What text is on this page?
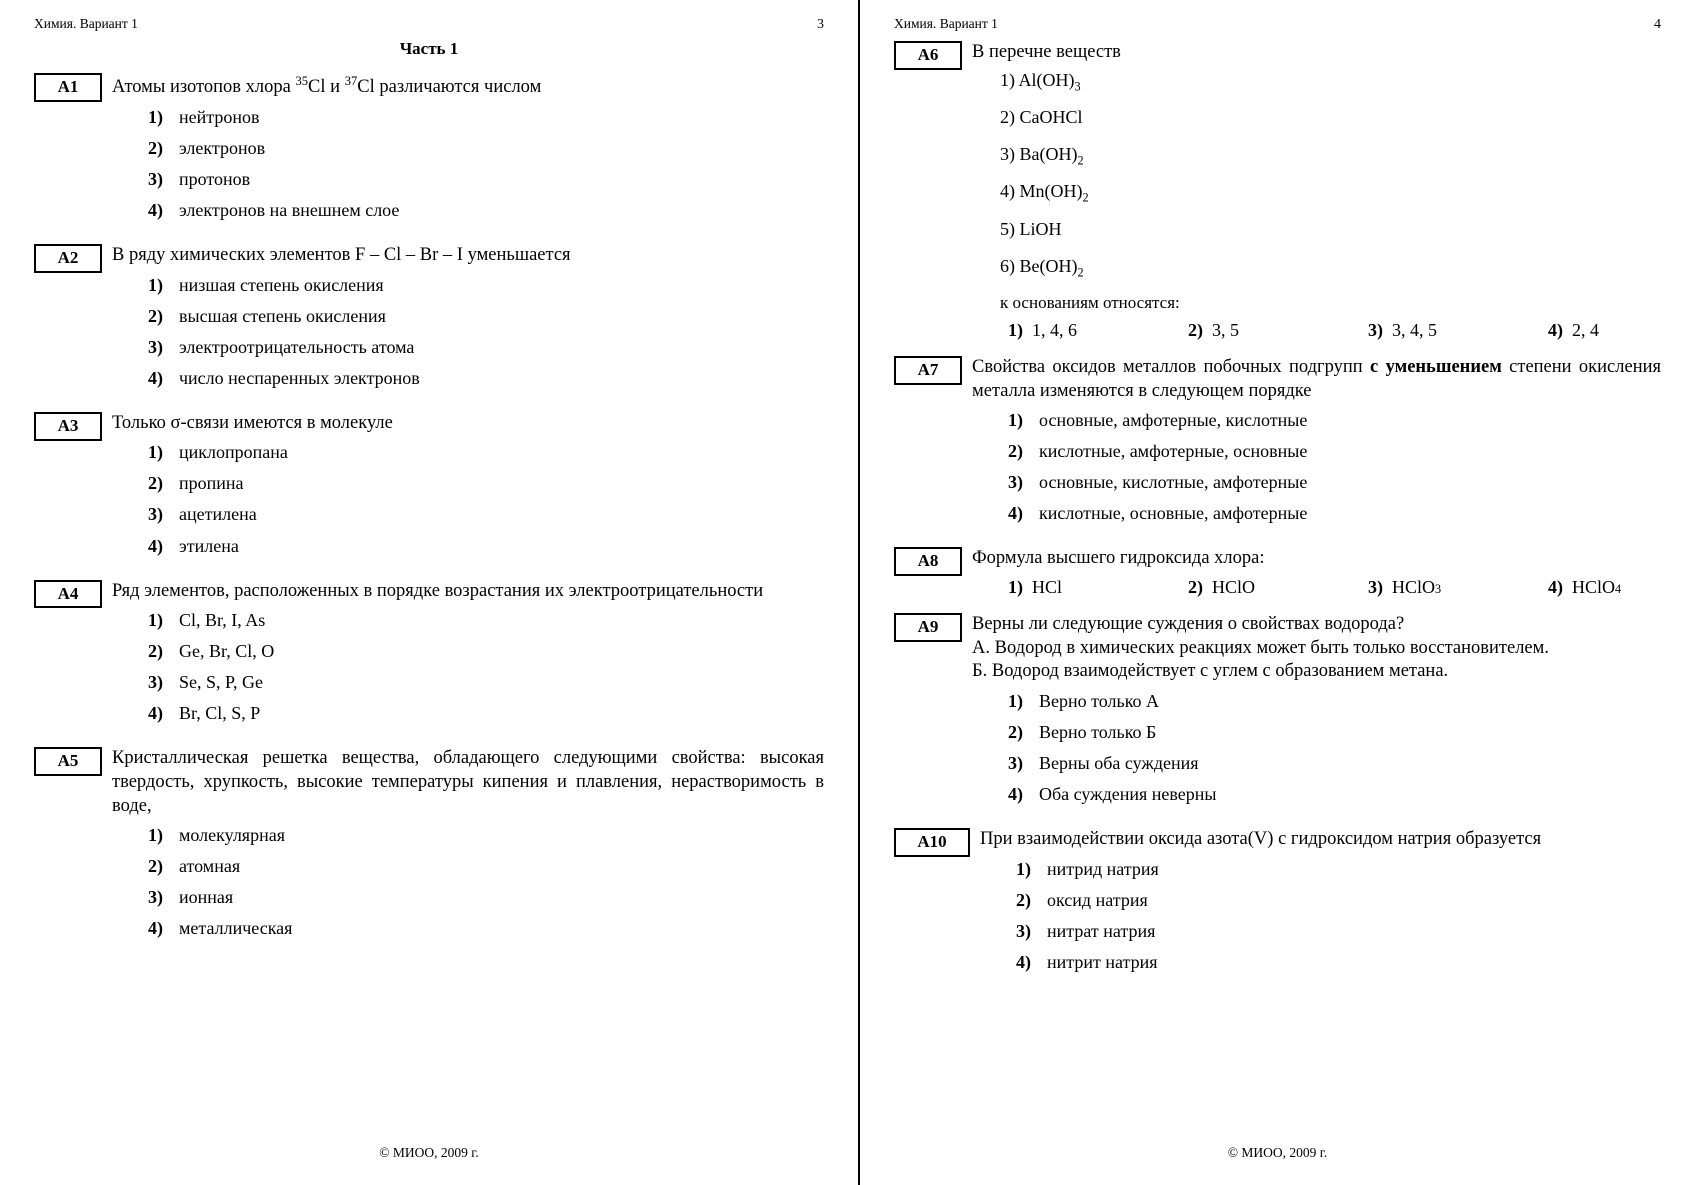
Химия. Вариант 1	3
Часть 1
A1	Атомы изотопов хлора $^{35}$Cl и $^{37}$Cl различаются числом
1) нейтронов
2) электронов
3) протонов
4) электронов на внешнем слое
A2	В ряду химических элементов F – Cl – Br – I уменьшается
1) низшая степень окисления
2) высшая степень окисления
3) электроотрицательность атома
4) число неспаренных электронов
A3	Только σ-связи имеются в молекуле
1) циклопропана
2) пропина
3) ацетилена
4) этилена
A4	Ряд элементов, расположенных в порядке возрастания их электроотрицательности
1) Cl, Br, I, As
2) Ge, Br, Cl, O
3) Se, S, P, Ge
4) Br, Cl, S, P
A5	Кристаллическая решетка вещества, обладающего следующими свойства: высокая твердость, хрупкость, высокие температуры кипения и плавления, нерастворимость в воде,
1) молекулярная
2) атомная
3) ионная
4) металлическая
© МИОО, 2009 г.
Химия. Вариант 1	4
A6	В перечне веществ
1) $Al(OH)_3$
2) CaOHCl
3) $Ba(OH)_2$
4) $Mn(OH)_2$
5) LiOH
6) $Be(OH)_2$
к основаниям относятся:
1) 1, 4, 6	2) 3, 5	3) 3, 4, 5	4) 2, 4
A7	Свойства оксидов металлов побочных подгрупп с уменьшением степени окисления металла изменяются в следующем порядке
1) основные, амфотерные, кислотные
2) кислотные, амфотерные, основные
3) основные, кислотные, амфотерные
4) кислотные, основные, амфотерные
A8	Формула высшего гидроксида хлора:
1) HCl	2) HClO	3) HClO 3	4) HClO 4
A9	Верны ли следующие суждения о свойствах водорода?
А. Водород в химических реакциях может быть только восстановителем.
Б. Водород взаимодействует с углем с образованием метана.
1) Верно только А
2) Верно только Б
3) Верны оба суждения
4) Оба суждения неверны
A10	При взаимодействии оксида азота(V) с гидроксидом натрия образуется
1) нитрид натрия
2) оксид натрия
3) нитрат натрия
4) нитрит натрия
© МИОО, 2009 г.
